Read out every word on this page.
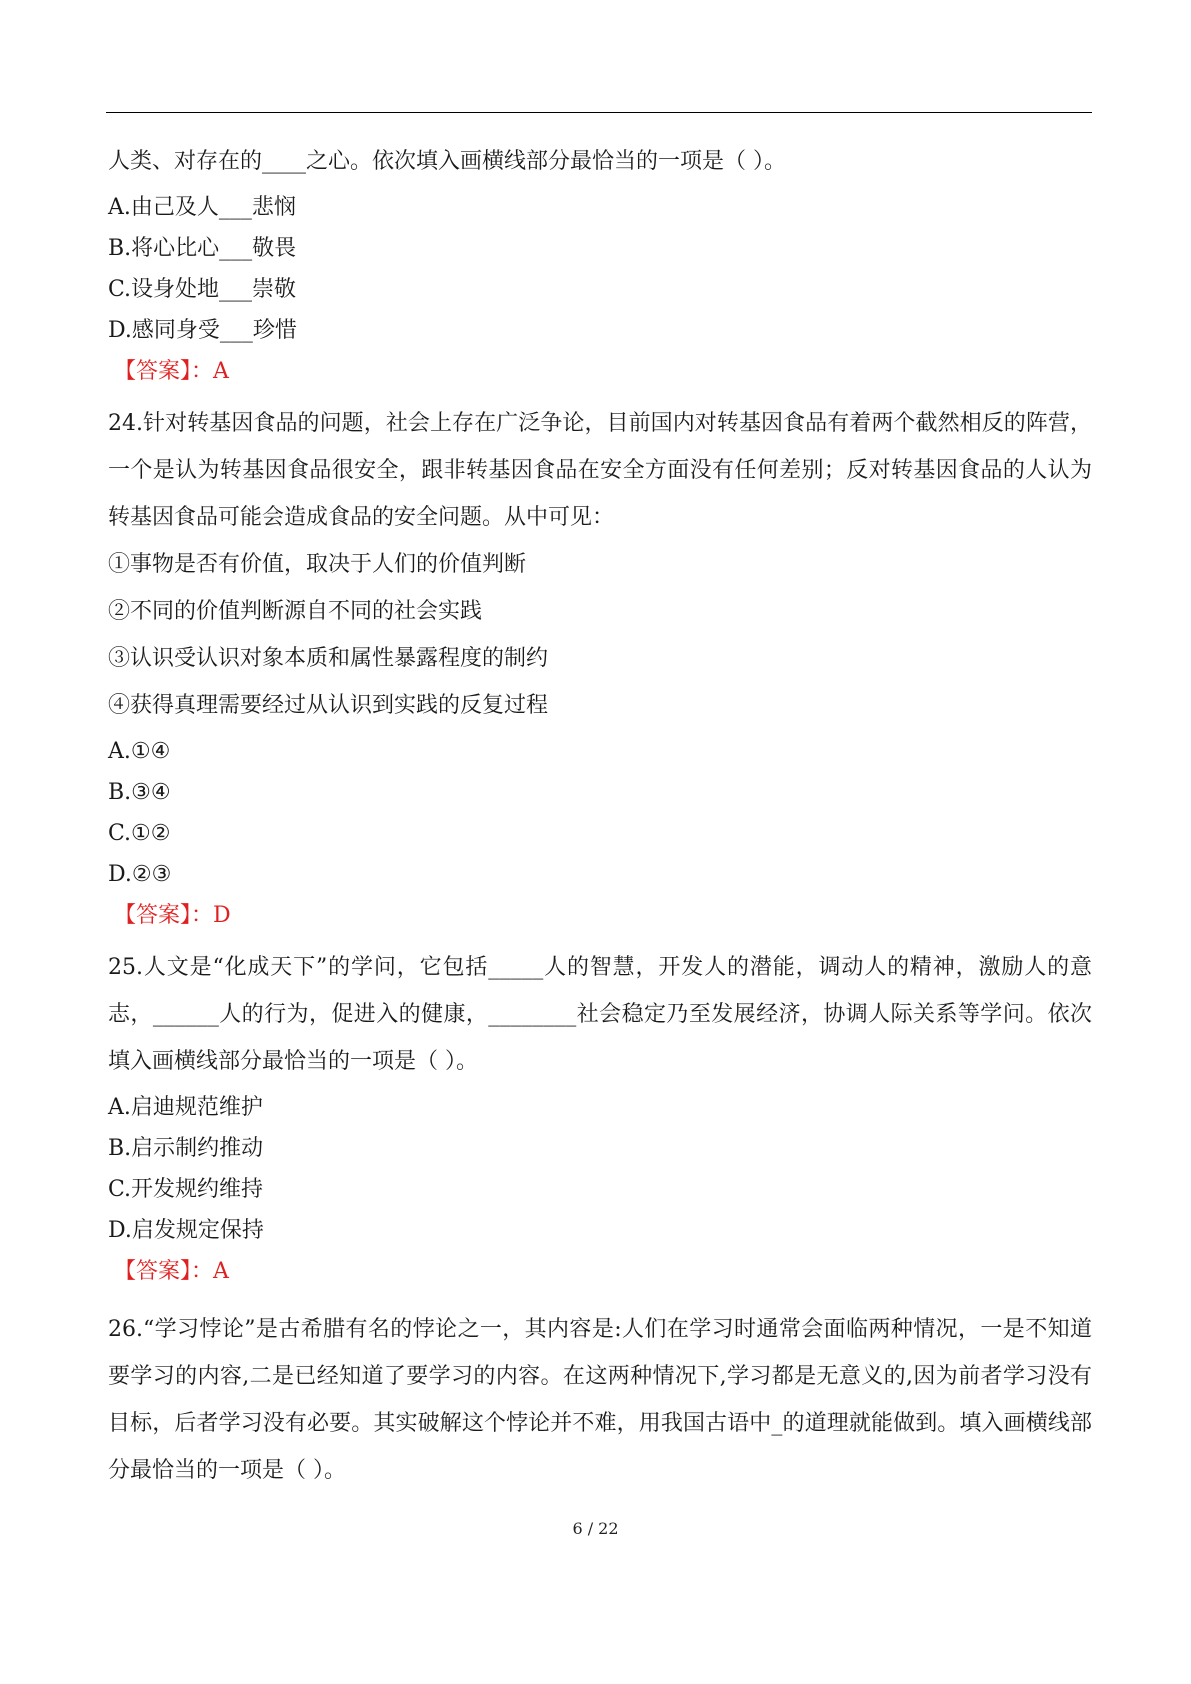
人类、对存在的____之心。依次填入画横线部分最恰当的一项是（ ）。

A.由己及人___悲悯

B.将心比心___敬畏

C.设身处地___崇敬

D.感同身受___珍惜

【答案】：A

24.针对转基因食品的问题，社会上存在广泛争论，目前国内对转基因食品有着两个截然相反的阵营，一个是认为转基因食品很安全，跟非转基因食品在安全方面没有任何差别；反对转基因食品的人认为转基因食品可能会造成食品的安全问题。从中可见：

①事物是否有价值，取决于人们的价值判断

②不同的价值判断源自不同的社会实践

③认识受认识对象本质和属性暴露程度的制约

④获得真理需要经过从认识到实践的反复过程

A.①④

B.③④

C.①②

D.②③

【答案】：D

25.人文是“化成天下”的学问，它包括_____人的智慧，开发人的潜能，调动人的精神，激励人的意志，______人的行为，促进入的健康，________社会稳定乃至发展经济，协调人际关系等学问。依次填入画横线部分最恰当的一项是（ ）。

A.启迪规范维护

B.启示制约推动

C.开发规约维持

D.启发规定保持

【答案】：A

26.“学习悖论”是古希腊有名的悖论之一，其内容是:人们在学习时通常会面临两种情况，一是不知道要学习的内容,二是已经知道了要学习的内容。在这两种情况下,学习都是无意义的,因为前者学习没有目标，后者学习没有必要。其实破解这个悖论并不难，用我国古语中_的道理就能做到。填入画横线部分最恰当的一项是（ ）。

6 / 22
